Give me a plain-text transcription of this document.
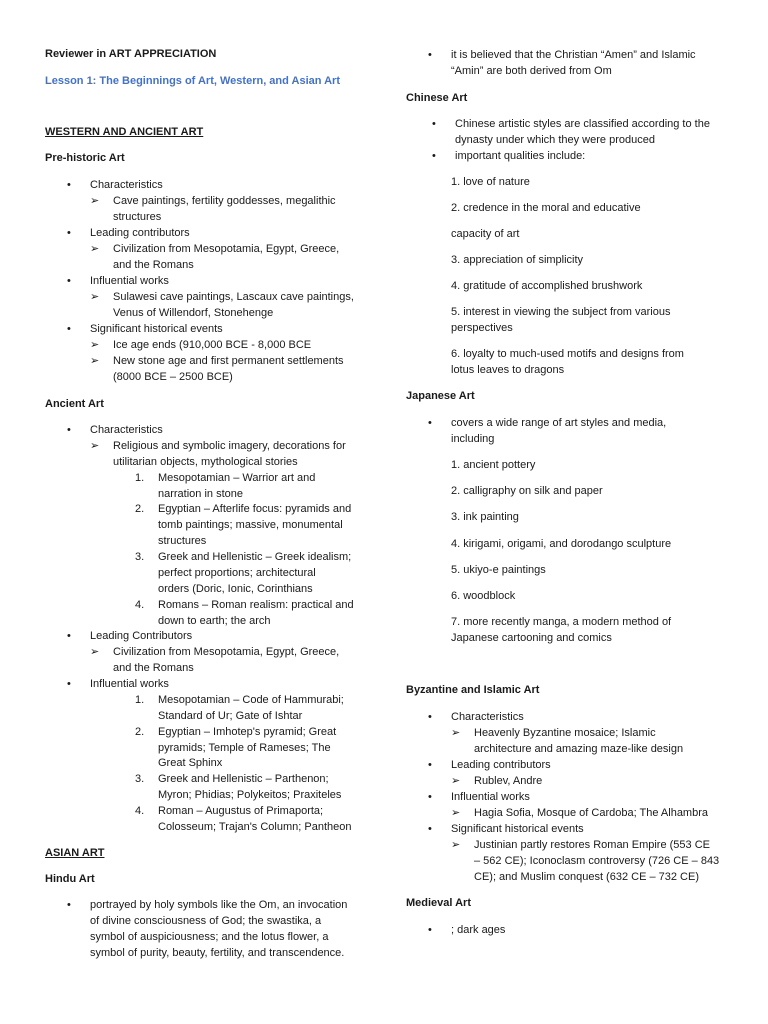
Reviewer in ART APPRECIATION
Lesson 1: The Beginnings of Art, Western, and Asian Art
WESTERN AND ANCIENT ART
Pre-historic Art
• Characteristics
➢ Cave paintings, fertility goddesses, megalithic
structures
• Leading contributors
➢ Civilization from Mesopotamia, Egypt, Greece,
and the Romans
• Influential works
➢ Sulawesi cave paintings, Lascaux cave paintings,
Venus of Willendorf, Stonehenge
• Significant historical events
➢ Ice age ends (910,000 BCE - 8,000 BCE
➢ New stone age and first permanent settlements
(8000 BCE – 2500 BCE)
Ancient Art
• Characteristics
➢ Religious and symbolic imagery, decorations for
utilitarian objects, mythological stories
1. Mesopotamian – Warrior art and
narration in stone
2. Egyptian – Afterlife focus: pyramids and
tomb paintings; massive, monumental
structures
3. Greek and Hellenistic – Greek idealism;
perfect proportions; architectural
orders (Doric, Ionic, Corinthians
4. Romans – Roman realism: practical and
down to earth; the arch
• Leading Contributors
➢ Civilization from Mesopotamia, Egypt, Greece,
and the Romans
• Influential works
1. Mesopotamian – Code of Hammurabi;
Standard of Ur; Gate of Ishtar
2. Egyptian – Imhotep's pyramid; Great
pyramids; Temple of Rameses; The
Great Sphinx
3. Greek and Hellenistic – Parthenon;
Myron; Phidias; Polykeitos; Praxiteles
4. Roman – Augustus of Primaporta;
Colosseum; Trajan's Column; Pantheon
ASIAN ART
Hindu Art
• portrayed by holy symbols like the Om, an invocation
of divine consciousness of God; the swastika, a
symbol of auspiciousness; and the lotus flower, a
symbol of purity, beauty, fertility, and transcendence.
• it is believed that the Christian “Amen” and Islamic
“Amin” are both derived from Om
Chinese Art
• Chinese artistic styles are classified according to the
dynasty under which they were produced
• important qualities include:
1. love of nature
2. credence in the moral and educative
capacity of art
3. appreciation of simplicity
4. gratitude of accomplished brushwork
5. interest in viewing the subject from various
perspectives
6. loyalty to much-used motifs and designs from
lotus leaves to dragons
Japanese Art
• covers a wide range of art styles and media,
including
1. ancient pottery
2. calligraphy on silk and paper
3. ink painting
4. kirigami, origami, and dorodango sculpture
5. ukiyo-e paintings
6. woodblock
7. more recently manga, a modern method of
Japanese cartooning and comics
Byzantine and Islamic Art
• Characteristics
➢ Heavenly Byzantine mosaice; Islamic
architecture and amazing maze-like design
• Leading contributors
➢ Rublev, Andre
• Influential works
➢ Hagia Sofia, Mosque of Cardoba; The Alhambra
• Significant historical events
➢ Justinian partly restores Roman Empire (553 CE
– 562 CE); Iconoclasm controversy (726 CE – 843
CE); and Muslim conquest (632 CE – 732 CE)
Medieval Art
• ; dark ages
